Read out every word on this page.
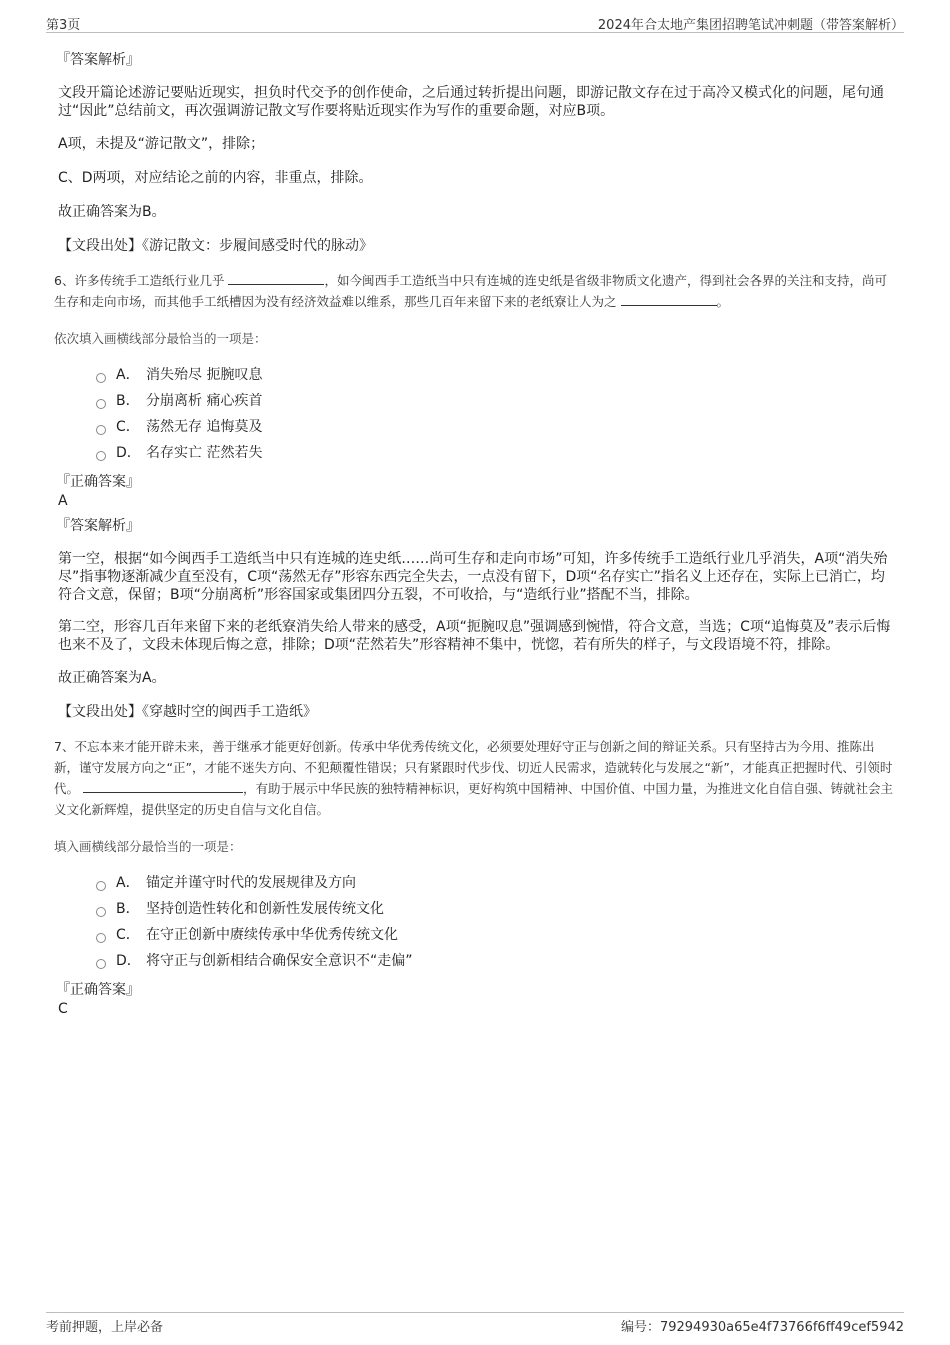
第3页	2024年合太地产集团招聘笔试冲刺题（带答案解析）
『答案解析』
文段开篇论述游记要贴近现实，担负时代交予的创作使命，之后通过转折提出问题，即游记散文存在过于高冷又模式化的问题，尾句通过“因此”总结前文，再次强调游记散文写作要将贴近现实作为写作的重要命题，对应B项。
A项，未提及“游记散文”，排除；
C、D两项，对应结论之前的内容，非重点，排除。
故正确答案为B。
【文段出处】《游记散文：步履间感受时代的脉动》
6、许多传统手工造纸行业几乎	，如今闽西手工造纸当中只有连城的连史纸是省级非物质文化遗产，得到社会各界的关注和支持，尚可生存和走向市场，而其他手工纸槽因为没有经济效益难以维系，那些几百年来留下来的老纸寮让人为之	。
依次填入画横线部分最恰当的一项是：
A． 消失殆尽 扼腕叹息
B． 分崩离析 痛心疾首
C． 荡然无存 追悔莫及
D． 名存实亡 茫然若失
『正确答案』
A
『答案解析』
第一空，根据“如今闽西手工造纸当中只有连城的连史纸……尚可生存和走向市场”可知，许多传统手工造纸行业几乎消失，A项“消失殆尽”指事物逐渐减少直至没有，C项“荡然无存”形容东西完全失去，一点没有留下，D项“名存实亡”指名义上还存在，实际上已消亡，均符合文意，保留；B项“分崩离析”形容国家或集团四分五裂，不可收拾，与“造纸行业”搭配不当，排除。
第二空，形容几百年来留下来的老纸寮消失给人带来的感受，A项“扼腕叹息”强调感到惋惜，符合文意，当选；C项“追悔莫及”表示后悔也来不及了，文段未体现后悔之意，排除；D项“茫然若失”形容精神不集中，恍惚，若有所失的样子，与文段语境不符，排除。
故正确答案为A。
【文段出处】《穿越时空的闽西手工造纸》
7、不忘本来才能开辟未来，善于继承才能更好创新。传承中华优秀传统文化，必须要处理好守正与创新之间的辩证关系。只有坚持古为今用、推陈出新，谨守发展方向之“正”，才能不迷失方向、不犯颠覆性错误；只有紧跟时代步伐、切近人民需求，造就转化与发展之“新”，才能真正把握时代、引领时代。	，有助于展示中华民族的独特精神标识，更好构筑中国精神、中国价值、中国力量，为推进文化自信自强、铸就社会主义文化新辉煌，提供坚定的历史自信与文化自信。
填入画横线部分最恰当的一项是：
A． 锚定并谨守时代的发展规律及方向
B． 坚持创造性转化和创新性发展传统文化
C． 在守正创新中赓续传承中华优秀传统文化
D． 将守正与创新相结合确保安全意识不“走偏”
『正确答案』
C
考前押题，上岸必备	编号：79294930a65e4f73766f6ff49cef5942
